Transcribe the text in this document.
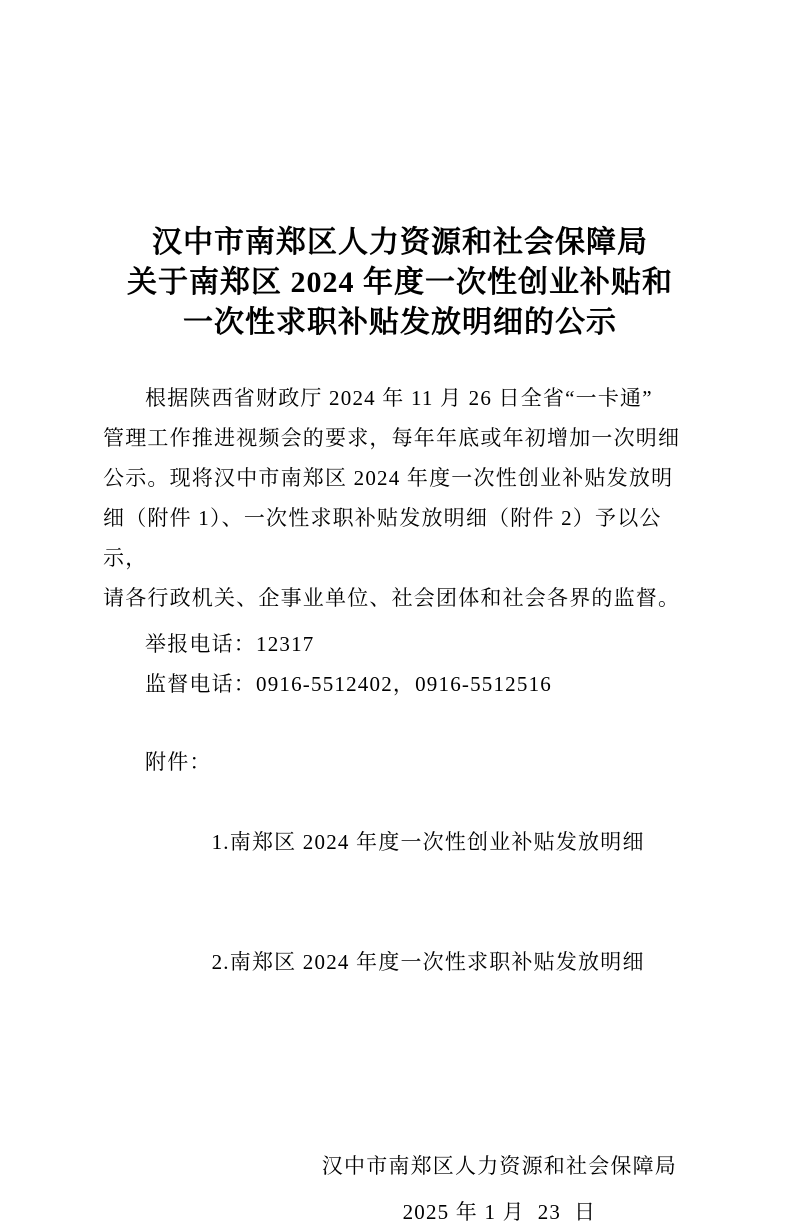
汉中市南郑区人力资源和社会保障局
关于南郑区 2024 年度一次性创业补贴和
一次性求职补贴发放明细的公示
根据陕西省财政厅 2024 年 11 月 26 日全省“一卡通”
管理工作推进视频会的要求，每年年底或年初增加一次明细
公示。现将汉中市南郑区 2024 年度一次性创业补贴发放明
细（附件 1）、一次性求职补贴发放明细（附件 2）予以公示，
请各行政机关、企事业单位、社会团体和社会各界的监督。
举报电话：12317
监督电话：0916-5512402，0916-5512516
附件：

1.南郑区 2024 年度一次性创业补贴发放明细

2.南郑区 2024 年度一次性求职补贴发放明细

汉中市南郑区人力资源和社会保障局
2025 年 1 月  23  日
